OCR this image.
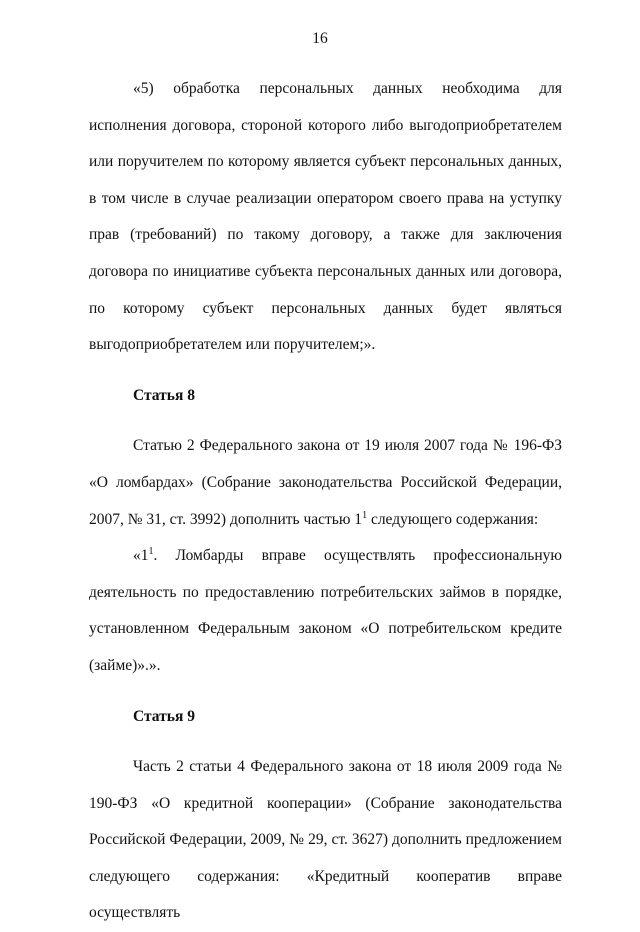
16

«5) обработка персональных данных необходима для исполнения договора, стороной которого либо выгодоприобретателем или поручителем по которому является субъект персональных данных, в том числе в случае реализации оператором своего права на уступку прав (требований) по такому договору, а также для заключения договора по инициативе субъекта персональных данных или договора, по которому субъект персональных данных будет являться выгодоприобретателем или поручителем;».

Статья 8

Статью 2 Федерального закона от 19 июля 2007 года № 196-ФЗ «О ломбардах» (Собрание законодательства Российской Федерации, 2007, № 31, ст. 3992) дополнить частью $1^1$ следующего содержания:

«$1^1$. Ломбарды вправе осуществлять профессиональную деятельность по предоставлению потребительских займов в порядке, установленном Федеральным законом «О потребительском кредите (займе)».».

Статья 9

Часть 2 статьи 4 Федерального закона от 18 июля 2009 года № 190-ФЗ «О кредитной кооперации» (Собрание законодательства Российской Федерации, 2009, № 29, ст. 3627) дополнить предложением следующего содержания: «Кредитный кооператив вправе осуществлять
